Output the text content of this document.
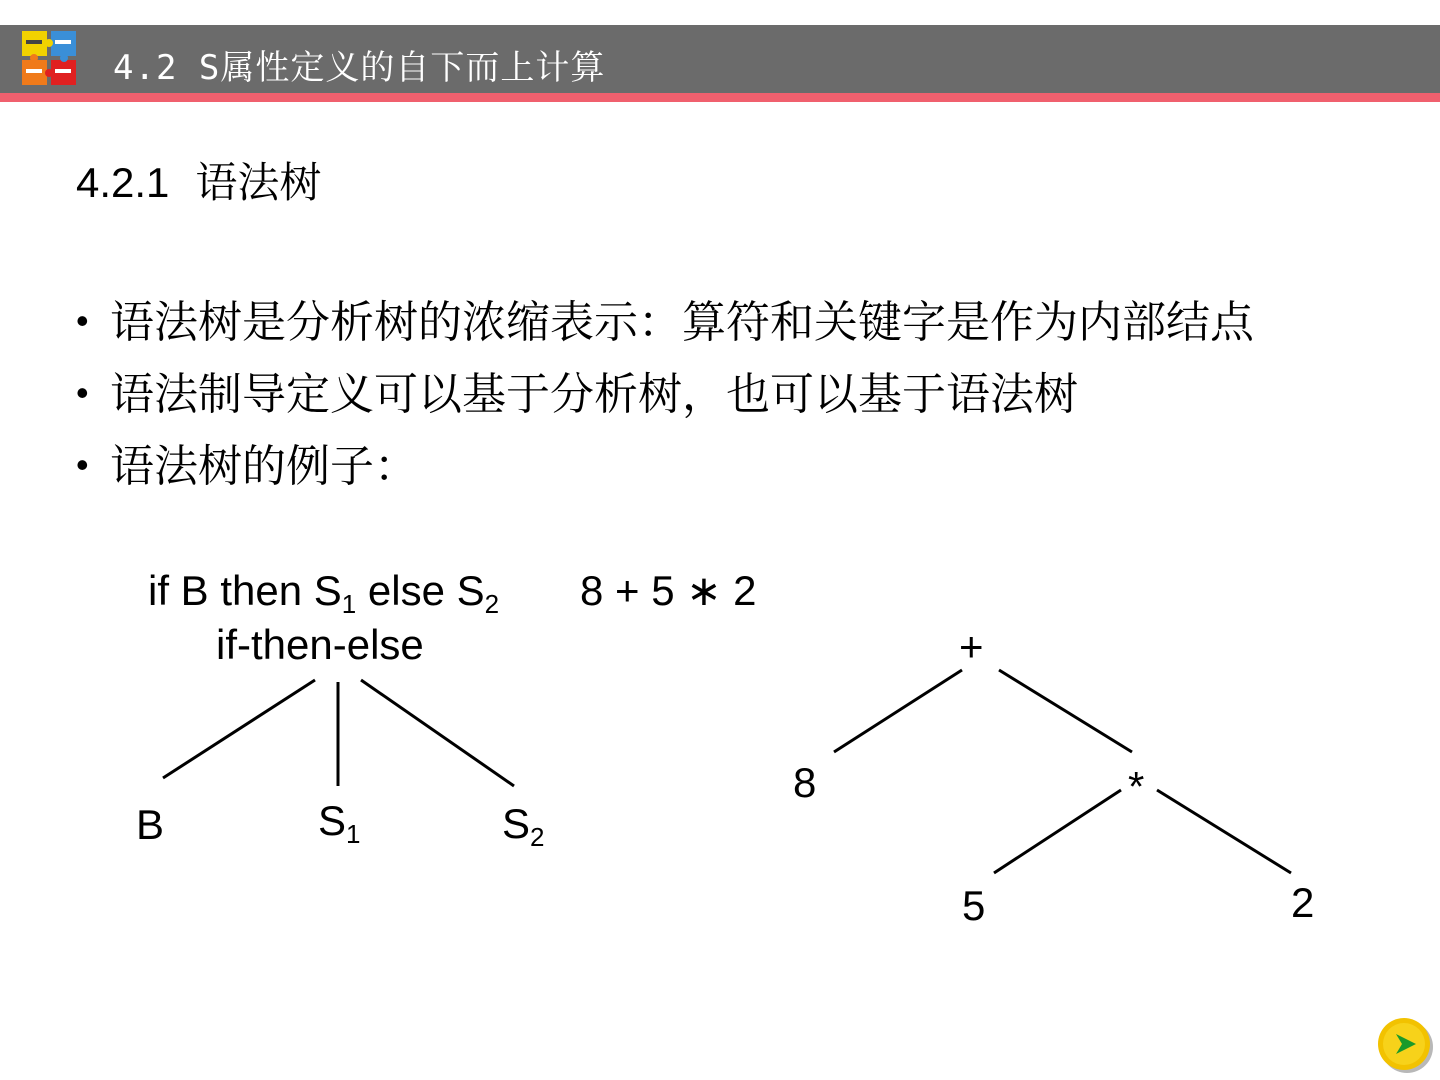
4.2 S属性定义的自下而上计算
4.2.1 语法树
• 语法树是分析树的浓缩表示：算符和关键字是作为内部结点
• 语法制导定义可以基于分析树，也可以基于语法树
• 语法树的例子：
if B then $S_1$ else $S_2$
if-then-else
B	$S_1$	$S_2$
8 + 5 ∗ 2
+
8	*
5	2
